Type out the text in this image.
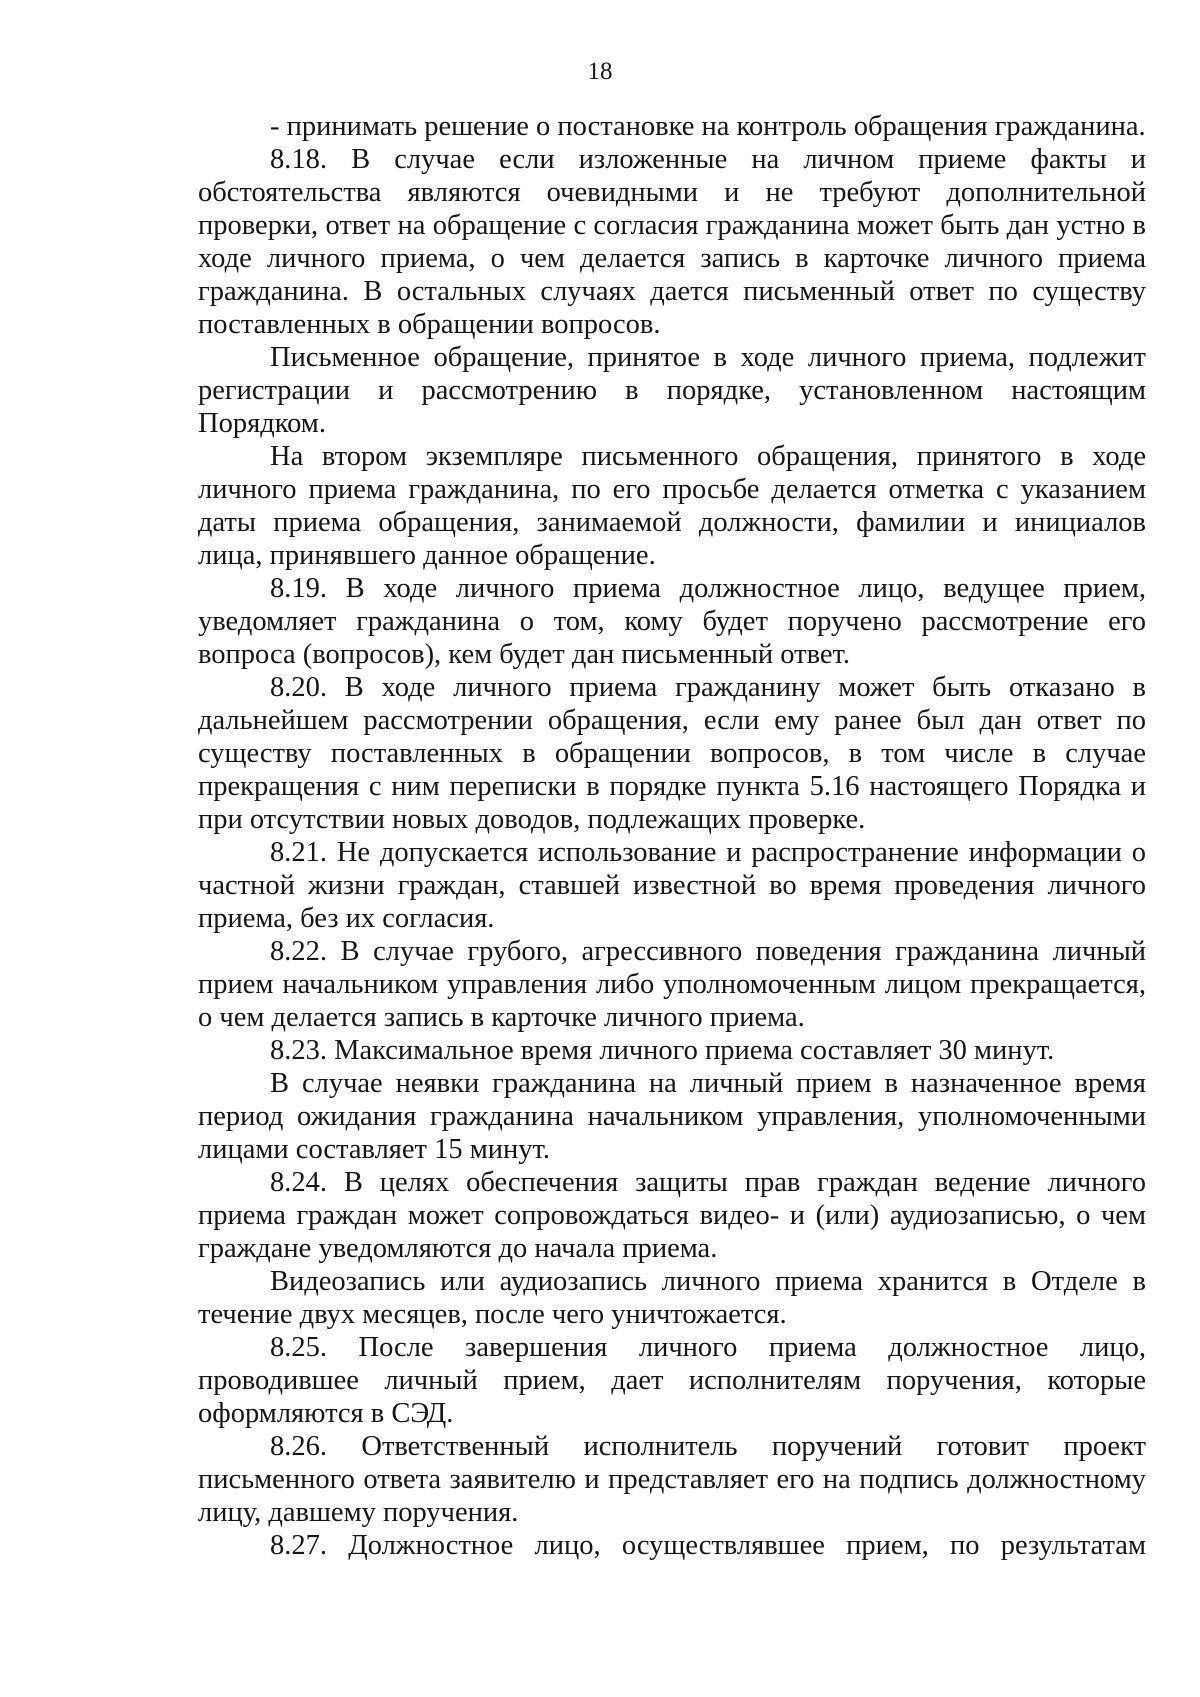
18

- принимать решение о постановке на контроль обращения гражданина.

8.18. В случае если изложенные на личном приеме факты и обстоятельства являются очевидными и не требуют дополнительной проверки, ответ на обращение с согласия гражданина может быть дан устно в ходе личного приема, о чем делается запись в карточке личного приема гражданина. В остальных случаях дается письменный ответ по существу поставленных в обращении вопросов.

Письменное обращение, принятое в ходе личного приема, подлежит регистрации и рассмотрению в порядке, установленном настоящим Порядком.

На втором экземпляре письменного обращения, принятого в ходе личного приема гражданина, по его просьбе делается отметка с указанием даты приема обращения, занимаемой должности, фамилии и инициалов лица, принявшего данное обращение.

8.19. В ходе личного приема должностное лицо, ведущее прием, уведомляет гражданина о том, кому будет поручено рассмотрение его вопроса (вопросов), кем будет дан письменный ответ.

8.20. В ходе личного приема гражданину может быть отказано в дальнейшем рассмотрении обращения, если ему ранее был дан ответ по существу поставленных в обращении вопросов, в том числе в случае прекращения с ним переписки в порядке пункта 5.16 настоящего Порядка и при отсутствии новых доводов, подлежащих проверке.

8.21. Не допускается использование и распространение информации о частной жизни граждан, ставшей известной во время проведения личного приема, без их согласия.

8.22. В случае грубого, агрессивного поведения гражданина личный прием начальником управления либо уполномоченным лицом прекращается, о чем делается запись в карточке личного приема.

8.23. Максимальное время личного приема составляет 30 минут.

В случае неявки гражданина на личный прием в назначенное время период ожидания гражданина начальником управления, уполномоченными лицами составляет 15 минут.

8.24. В целях обеспечения защиты прав граждан ведение личного приема граждан может сопровождаться видео- и (или) аудиозаписью, о чем граждане уведомляются до начала приема.

Видеозапись или аудиозапись личного приема хранится в Отделе в течение двух месяцев, после чего уничтожается.

8.25. После завершения личного приема должностное лицо, проводившее личный прием, дает исполнителям поручения, которые оформляются в СЭД.

8.26. Ответственный исполнитель поручений готовит проект письменного ответа заявителю и представляет его на подпись должностному лицу, давшему поручения.

8.27. Должностное лицо, осуществлявшее прием, по результатам
